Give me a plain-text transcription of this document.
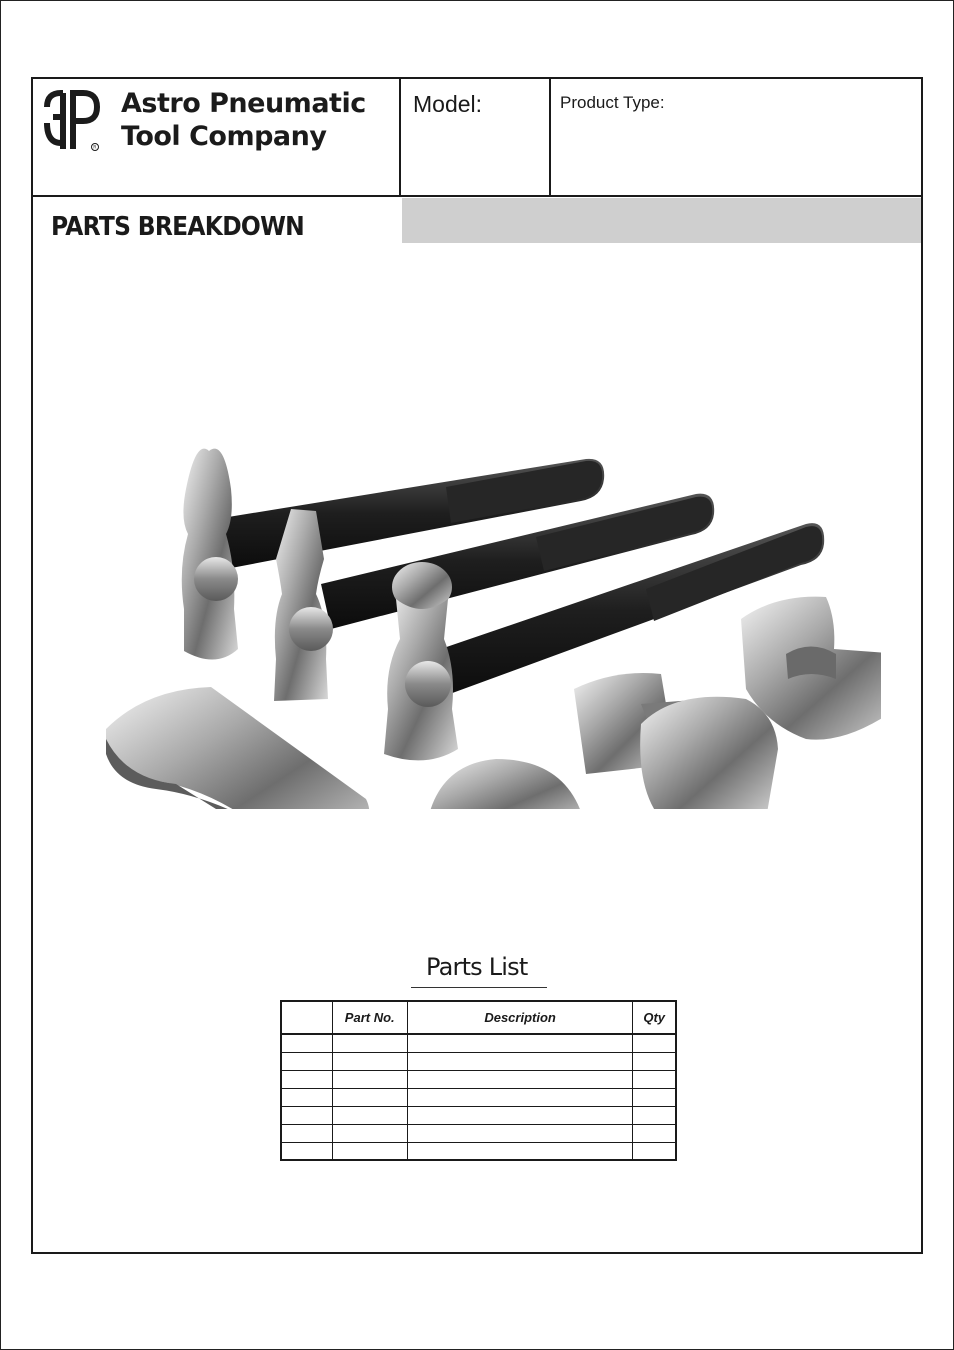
R
Astro Pneumatic
Tool Company
Model:	Product Type:
PARTS BREAKDOWN
Parts List
	Part No.	Description	Qty
